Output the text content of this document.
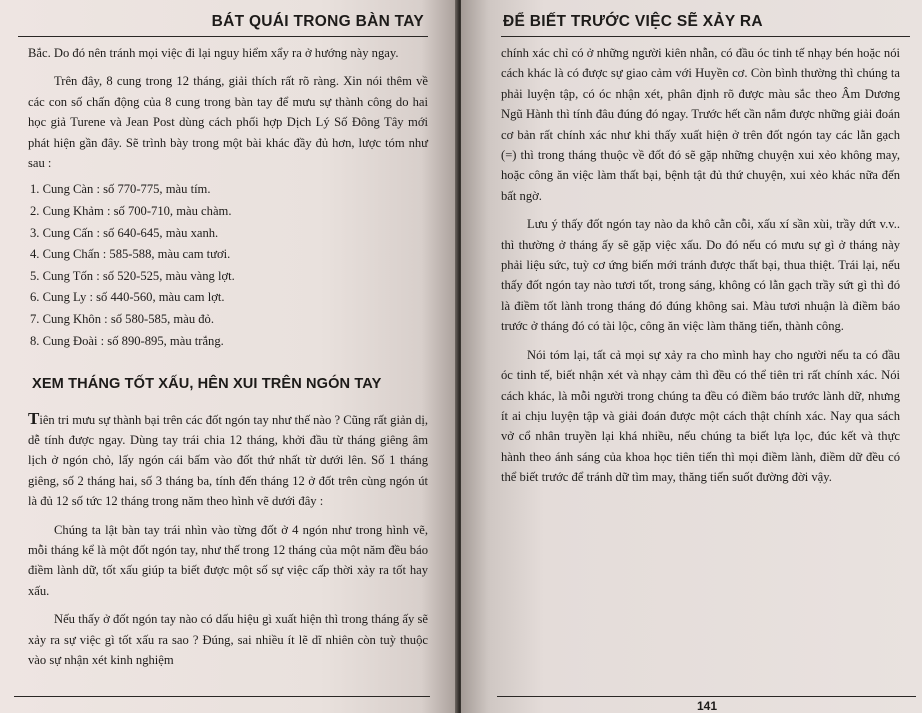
BÁT QUÁI TRONG BÀN TAY

Bắc. Do đó nên tránh mọi việc đi lại nguy hiểm xẩy ra ở hướng này ngay.

Trên đây, 8 cung trong 12 tháng, giải thích rất rõ ràng. Xin nói thêm về các con số chấn động của 8 cung trong bàn tay để mưu sự thành công do hai học giả Turene và Jean Post dùng cách phối hợp Dịch Lý Số Đông Tây mới phát hiện gần đây. Sẽ trình bày trong một bài khác đầy đủ hơn, lược tóm như sau :

1. Cung Càn : số 770-775, màu tím.
2. Cung Khảm : số 700-710, màu chàm.
3. Cung Cấn : số 640-645, màu xanh.
4. Cung Chấn : 585-588, màu cam tươi.
5. Cung Tốn : số 520-525, màu vàng lợt.
6. Cung Ly : số 440-560, màu cam lợt.
7. Cung Khôn : số 580-585, màu đỏ.
8. Cung Đoài : số 890-895, màu trắng.
XEM THÁNG TỐT XẤU, HÊN XUI TRÊN NGÓN TAY

Tiên tri mưu sự thành bại trên các đốt ngón tay như thế nào ? Cũng rất giản dị, dễ tính được ngay. Dùng tay trái chia 12 tháng, khởi đầu từ tháng giêng âm lịch ở ngón chỏ, lấy ngón cái bấm vào đốt thứ nhất từ dưới lên. Số 1 tháng giêng, số 2 tháng hai, số 3 tháng ba, tính đến tháng 12 ở đốt trên cùng ngón út là đủ 12 số tức 12 tháng trong năm theo hình vẽ dưới đây :

Chúng ta lật bàn tay trái nhìn vào từng đốt ở 4 ngón như trong hình vẽ, mỗi tháng kể là một đốt ngón tay, như thế trong 12 tháng của một năm đều báo điềm lành dữ, tốt xấu giúp ta biết được một số sự việc cấp thời xảy ra tốt hay xấu.

Nếu thấy ở đốt ngón tay nào có dấu hiệu gì xuất hiện thì trong tháng ấy sẽ xảy ra sự việc gì tốt xấu ra sao ? Đúng, sai nhiều ít lẽ dĩ nhiên còn tuỳ thuộc vào sự nhận xét kinh nghiệm

ĐỂ BIẾT TRƯỚC VIỆC SẼ XẢY RA

chính xác chỉ có ở những người kiên nhẫn, có đầu óc tinh tế nhạy bén hoặc nói cách khác là có được sự giao cảm với Huyền cơ. Còn bình thường thì chúng ta phải luyện tập, có óc nhận xét, phân định rõ được màu sắc theo Âm Dương Ngũ Hành thì tính đâu đúng đó ngay. Trước hết cần nắm được những giải đoán cơ bản rất chính xác như khi thấy xuất hiện ở trên đốt ngón tay các lằn gạch (=) thì trong tháng thuộc về đốt đó sẽ gặp những chuyện xui xẻo không may, hoặc công ăn việc làm thất bại, bệnh tật đủ thứ chuyện, xui xẻo khác nữa đến bất ngờ.

Lưu ý thấy đốt ngón tay nào da khô cằn cỗi, xấu xí sần xùi, trầy dứt v.v.. thì thường ở tháng ấy sẽ gặp việc xấu. Do đó nếu có mưu sự gì ở tháng này phải liệu sức, tuỳ cơ ứng biến mới tránh được thất bại, thua thiệt. Trái lại, nếu thấy đốt ngón tay nào tươi tốt, trong sáng, không có lằn gạch trầy sứt gì thì đó là điềm tốt lành trong tháng đó đúng không sai. Màu tươi nhuận là điềm báo trước ở tháng đó có tài lộc, công ăn việc làm thăng tiến, thành công.

Nói tóm lại, tất cả mọi sự xảy ra cho mình hay cho người nếu ta có đầu óc tinh tế, biết nhận xét và nhạy cảm thì đều có thể tiên tri rất chính xác. Nói cách khác, là mỗi người trong chúng ta đều có điềm báo trước lành dữ, nhưng ít ai chịu luyện tập và giải đoán được một cách thật chính xác. Nay qua sách vở cổ nhân truyền lại khá nhiều, nếu chúng ta biết lựa lọc, đúc kết và thực hành theo ánh sáng của khoa học tiên tiến thì mọi điềm lành, điềm dữ đều có thể biết trước để tránh dữ tìm may, thăng tiến suốt đường đời vậy.

141
